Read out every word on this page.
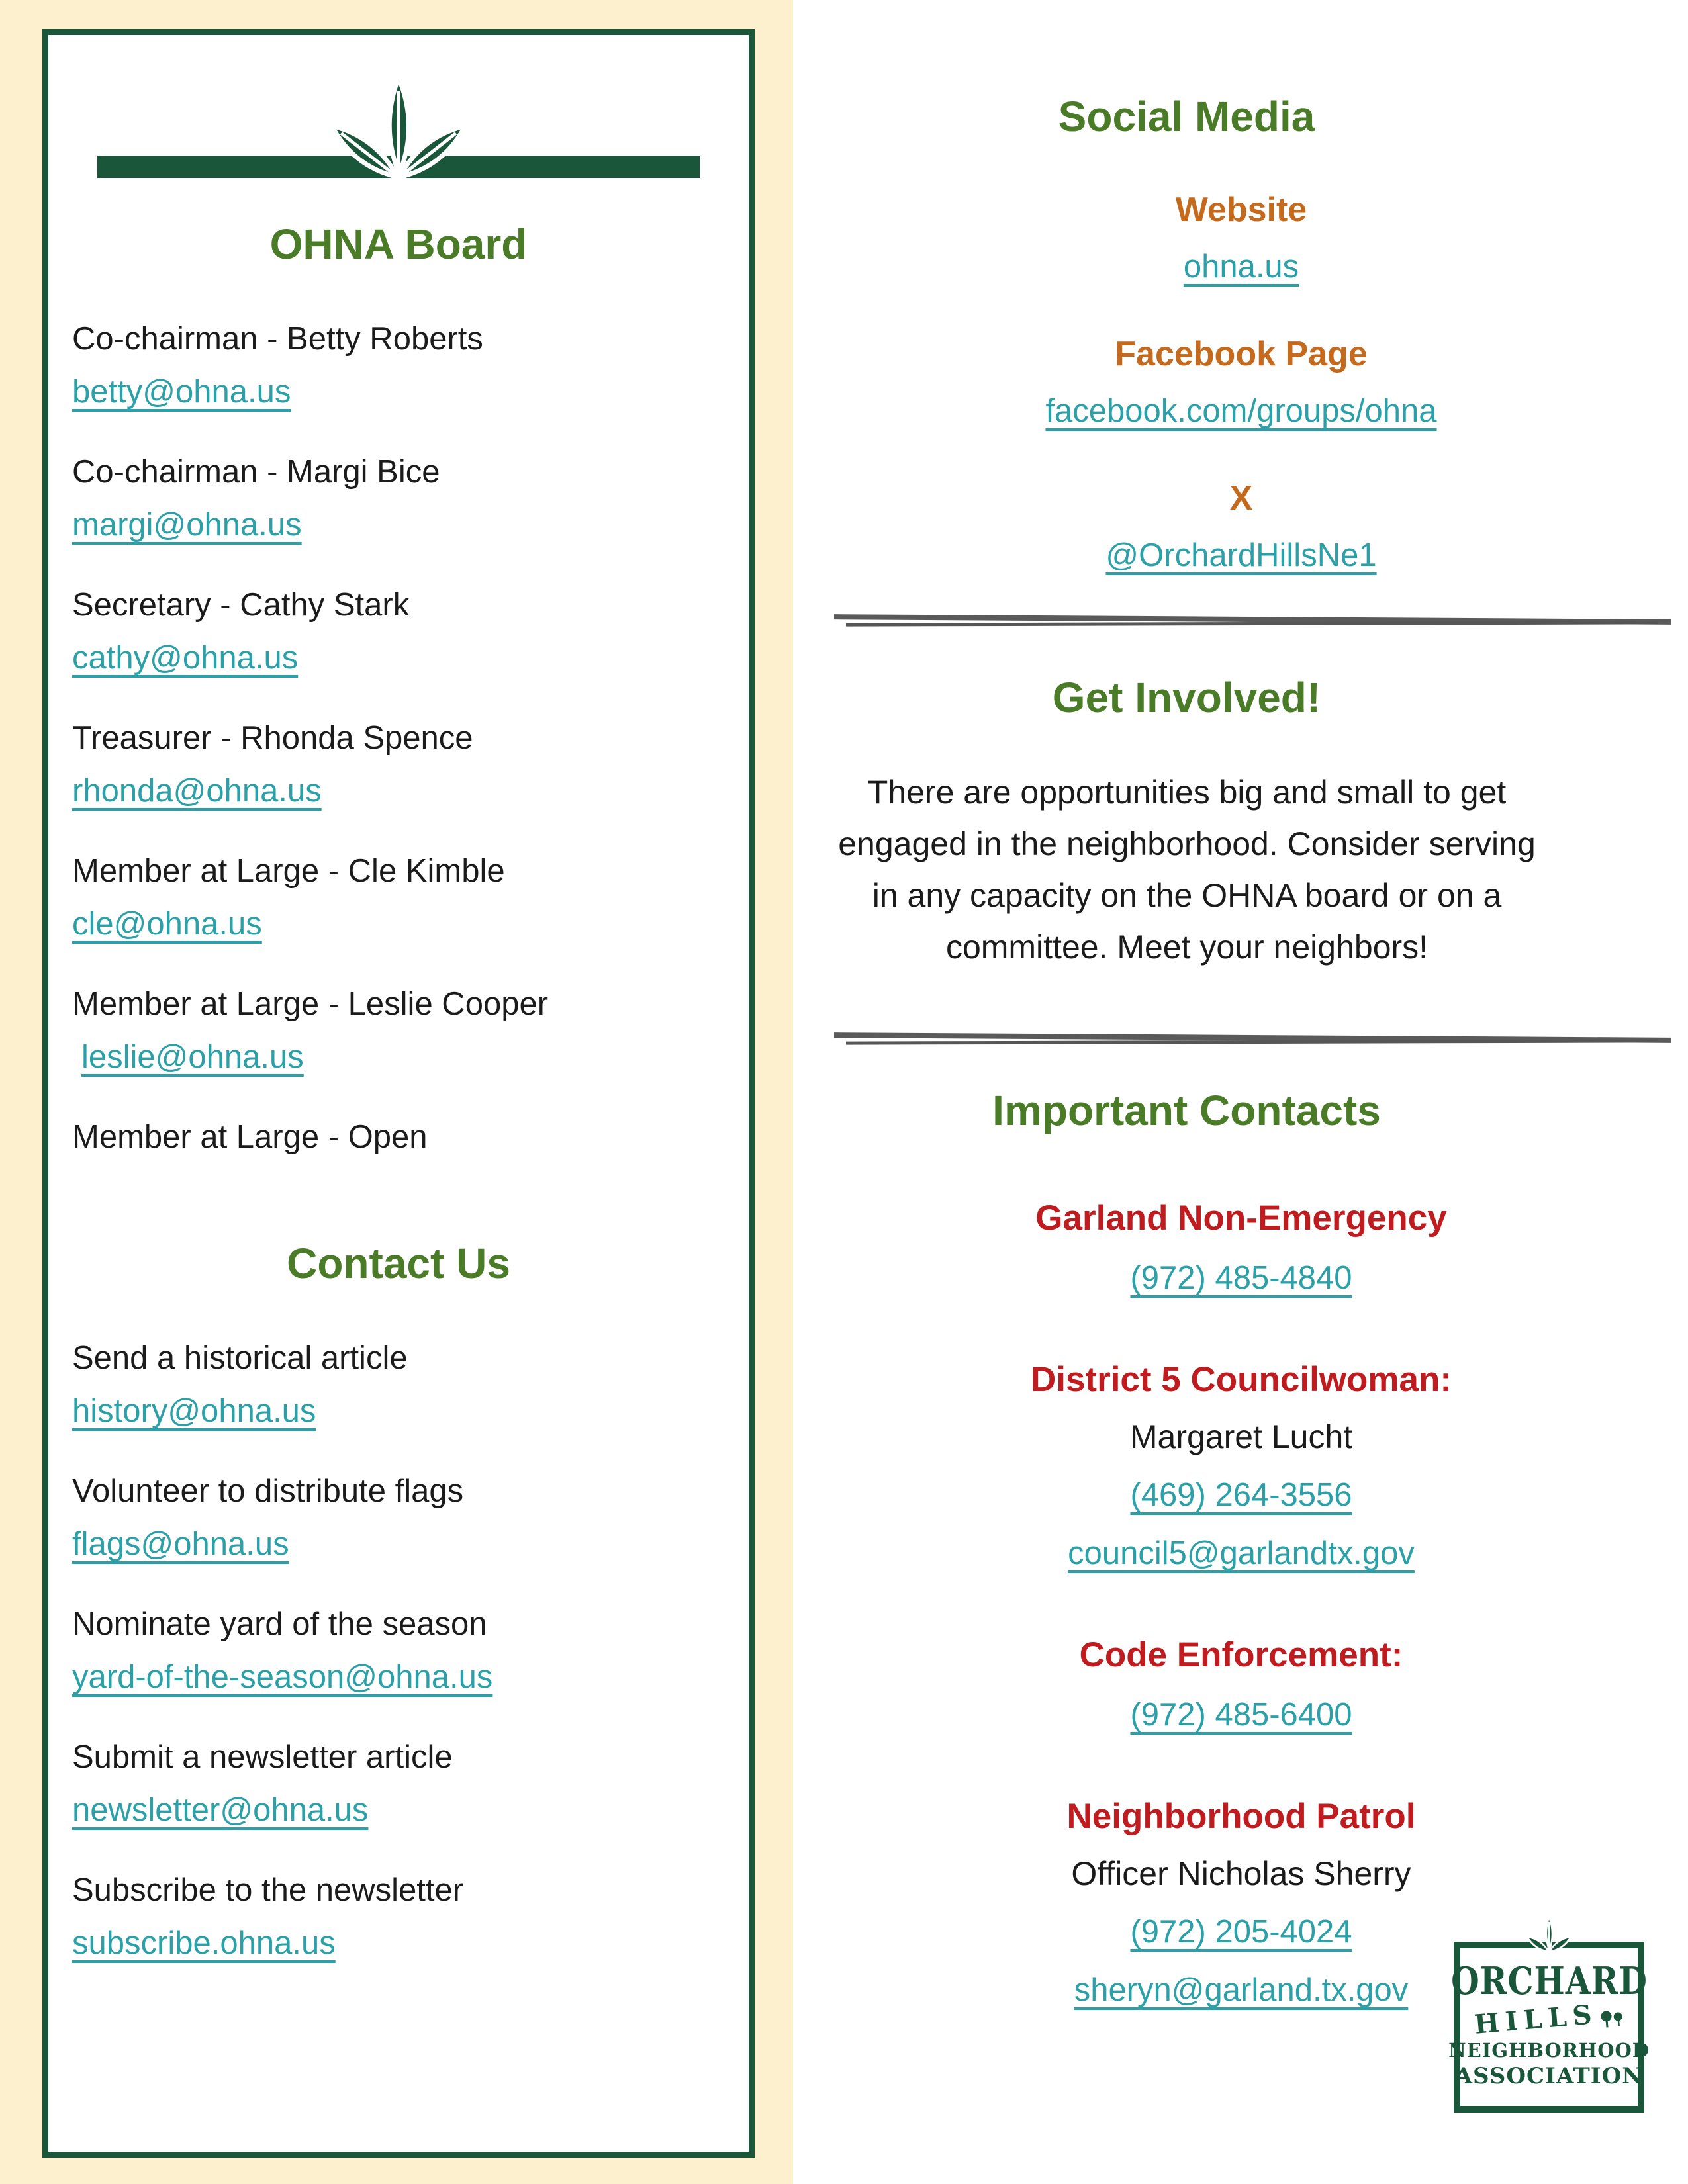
OHNA Board
Co-chairman - Betty Roberts
betty@ohna.us
Co-chairman - Margi Bice
margi@ohna.us
Secretary - Cathy Stark
cathy@ohna.us
Treasurer - Rhonda Spence
rhonda@ohna.us
Member at Large - Cle Kimble
cle@ohna.us
Member at Large - Leslie Cooper
leslie@ohna.us
Member at Large - Open
Contact Us
Send a historical article
history@ohna.us
Volunteer to distribute flags
flags@ohna.us
Nominate yard of the season
yard-of-the-season@ohna.us
Submit a newsletter article
newsletter@ohna.us
Subscribe to the newsletter
subscribe.ohna.us
Social Media
Website
ohna.us
Facebook Page
facebook.com/groups/ohna
X
@OrchardHillsNe1
Get Involved!

There are opportunities big and small to get engaged in the neighborhood. Consider serving in any capacity on the OHNA board or on a committee. Meet your neighbors!

Important Contacts
Garland Non-Emergency
(972) 485-4840
District 5 Councilwoman:
Margaret Lucht
(469) 264-3556
council5@garlandtx.gov
Code Enforcement:
(972) 485-6400
Neighborhood Patrol
Officer Nicholas Sherry
(972) 205-4024
sheryn@garland.tx.gov	ORCHARD
HILLS
NEIGHBORHOOD
ASSOCIATION
